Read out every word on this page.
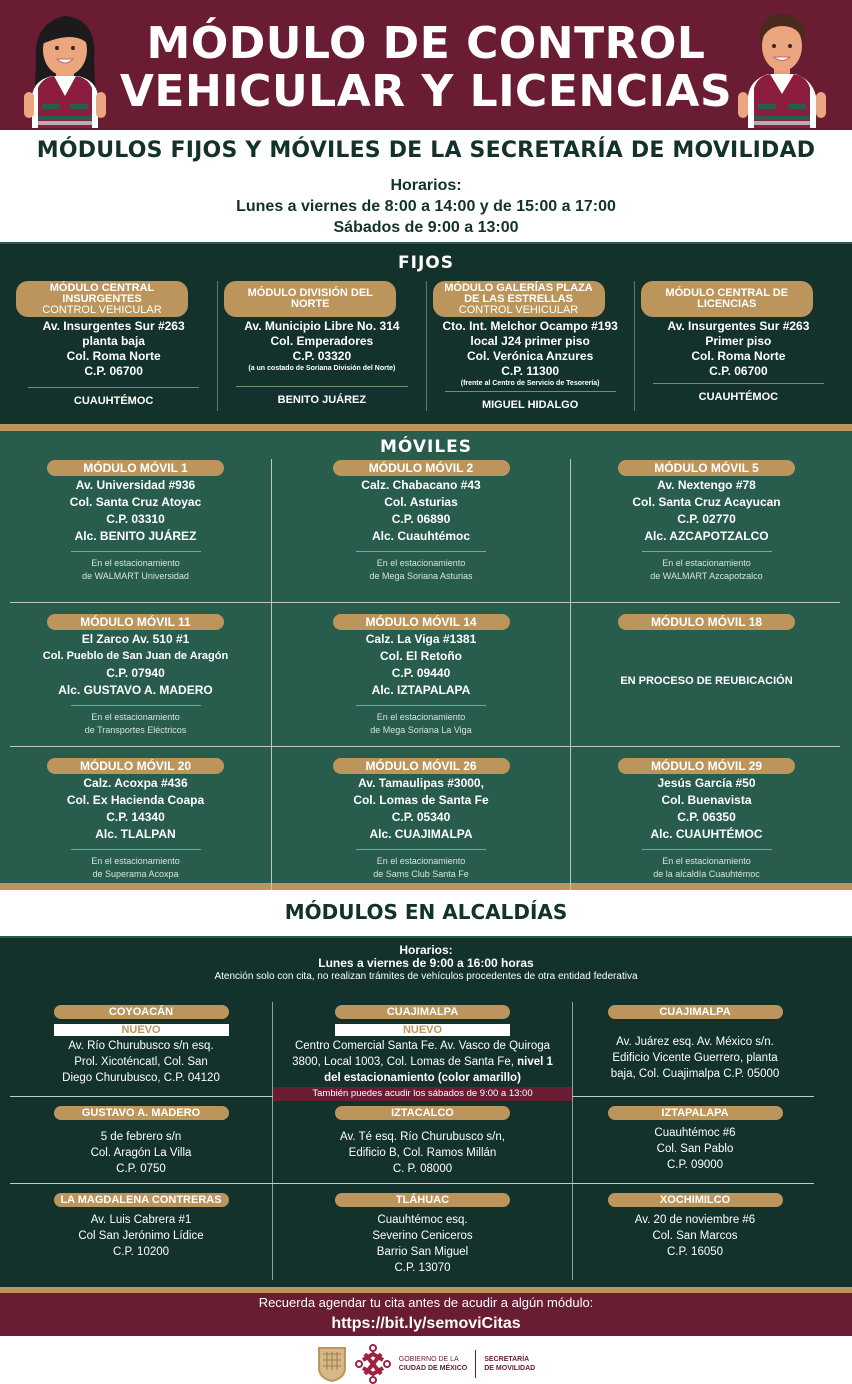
MÓDULO DE CONTROL
VEHICULAR Y LICENCIAS
MÓDULOS FIJOS Y MÓVILES DE LA SECRETARÍA DE MOVILIDAD
Horarios:
Lunes a viernes de 8:00 a 14:00 y de 15:00 a 17:00
Sábados de 9:00 a 13:00
FIJOS
MÓDULO CENTRAL INSURGENTES
CONTROL VEHICULAR
Av. Insurgentes Sur #263
planta baja
Col. Roma Norte
C.P. 06700
CUAUHTÉMOC
MÓDULO DIVISIÓN DEL NORTE
Av. Municipio Libre No. 314
Col. Emperadores
C.P. 03320
(a un costado de Soriana División del Norte)
BENITO JUÁREZ
MÓDULO GALERÍAS PLAZA DE LAS ESTRELLAS
CONTROL VEHICULAR
Cto. Int. Melchor Ocampo #193
local J24 primer piso
Col. Verónica Anzures
C.P. 11300
(frente al Centro de Servicio de Tesorería)
MIGUEL HIDALGO
MÓDULO CENTRAL DE LICENCIAS
Av. Insurgentes Sur #263
Primer piso
Col. Roma Norte
C.P. 06700
CUAUHTÉMOC
MÓVILES
MÓDULO MÓVIL 1
Av. Universidad #936
Col. Santa Cruz Atoyac
C.P. 03310
Alc. BENITO JUÁREZ
En el estacionamiento
de WALMART Universidad
MÓDULO MÓVIL 2
Calz. Chabacano #43
Col. Asturias
C.P. 06890
Alc. Cuauhtémoc
En el estacionamiento
de Mega Soriana Asturias
MÓDULO MÓVIL 5
Av. Nextengo #78
Col. Santa Cruz Acayucan
C.P. 02770
Alc. AZCAPOTZALCO
En el estacionamiento
de WALMART Azcapotzalco
MÓDULO MÓVIL 11
El Zarco Av. 510 #1
Col. Pueblo de San Juan de Aragón
C.P. 07940
Alc. GUSTAVO A. MADERO
En el estacionamiento
de Transportes Eléctricos
MÓDULO MÓVIL 14
Calz. La Viga #1381
Col. El Retoño
C.P. 09440
Alc. IZTAPALAPA
En el estacionamiento
de Mega Soriana La Viga
MÓDULO MÓVIL 18
EN PROCESO DE REUBICACIÓN
MÓDULO MÓVIL 20
Calz. Acoxpa #436
Col. Ex Hacienda Coapa
C.P. 14340
Alc. TLALPAN
En el estacionamiento
de Superama Acoxpa
MÓDULO MÓVIL 26
Av. Tamaulipas #3000,
Col. Lomas de Santa Fe
C.P. 05340
Alc. CUAJIMALPA
En el estacionamiento
de Sams Club Santa Fe
MÓDULO MÓVIL 29
Jesús García #50
Col. Buenavista
C.P. 06350
Alc. CUAUHTÉMOC
En el estacionamiento
de la alcaldía Cuauhtémoc
MÓDULOS EN ALCALDÍAS
Horarios:
Lunes a viernes de 9:00 a 16:00 horas
Atención solo con cita, no realizan trámites de vehículos procedentes de otra entidad federativa
COYOACÁN
NUEVO
Av. Río Churubusco s/n esq.
Prol. Xicoténcatl, Col. San
Diego Churubusco, C.P. 04120
CUAJIMALPA
NUEVO
Centro Comercial Santa Fe. Av. Vasco de Quiroga
3800, Local 1003, Col. Lomas de Santa Fe, nivel 1
del estacionamiento (color amarillo)
También puedes acudir los sábados de 9:00 a 13:00
CUAJIMALPA
Av. Juárez esq. Av. México s/n.
Edificio Vicente Guerrero, planta
baja, Col. Cuajimalpa C.P. 05000
GUSTAVO A. MADERO
5 de febrero s/n
Col. Aragón La Villa
C.P. 0750
IZTACALCO
Av. Té esq. Río Churubusco s/n,
Edificio B, Col. Ramos Millán
C. P. 08000
IZTAPALAPA
Cuauhtémoc #6
Col. San Pablo
C.P. 09000
LA MAGDALENA CONTRERAS
Av. Luis Cabrera #1
Col San Jerónimo Lídice
C.P. 10200
TLÁHUAC
Cuauhtémoc esq.
Severino Ceniceros
Barrio San Miguel
C.P. 13070
XOCHIMILCO
Av. 20 de noviembre #6
Col. San Marcos
C.P. 16050
Recuerda agendar tu cita antes de acudir a algún módulo:
https://bit.ly/semoviCitas
GOBIERNO DE LA
CIUDAD DE MÉXICO
SECRETARÍA
DE MOVILIDAD
